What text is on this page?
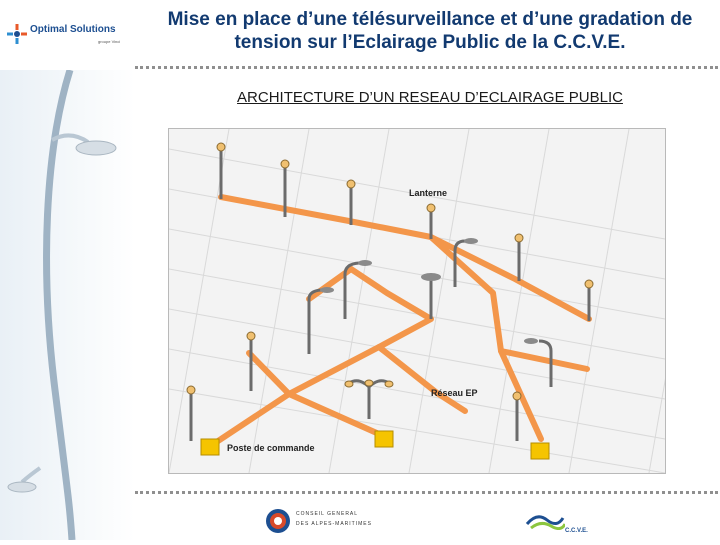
Optimal Solutions
groupe Vinci
Mise en place d’une télésurveillance et d’une gradation de
tension sur l’Eclairage Public de la C.C.V.E.
ARCHITECTURE D’UN RESEAU D’ECLAIRAGE PUBLIC
Lanterne
Réseau EP
Poste de commande
CONSEIL GENERAL
DES ALPES-MARITIMES
C.C.V.E.
